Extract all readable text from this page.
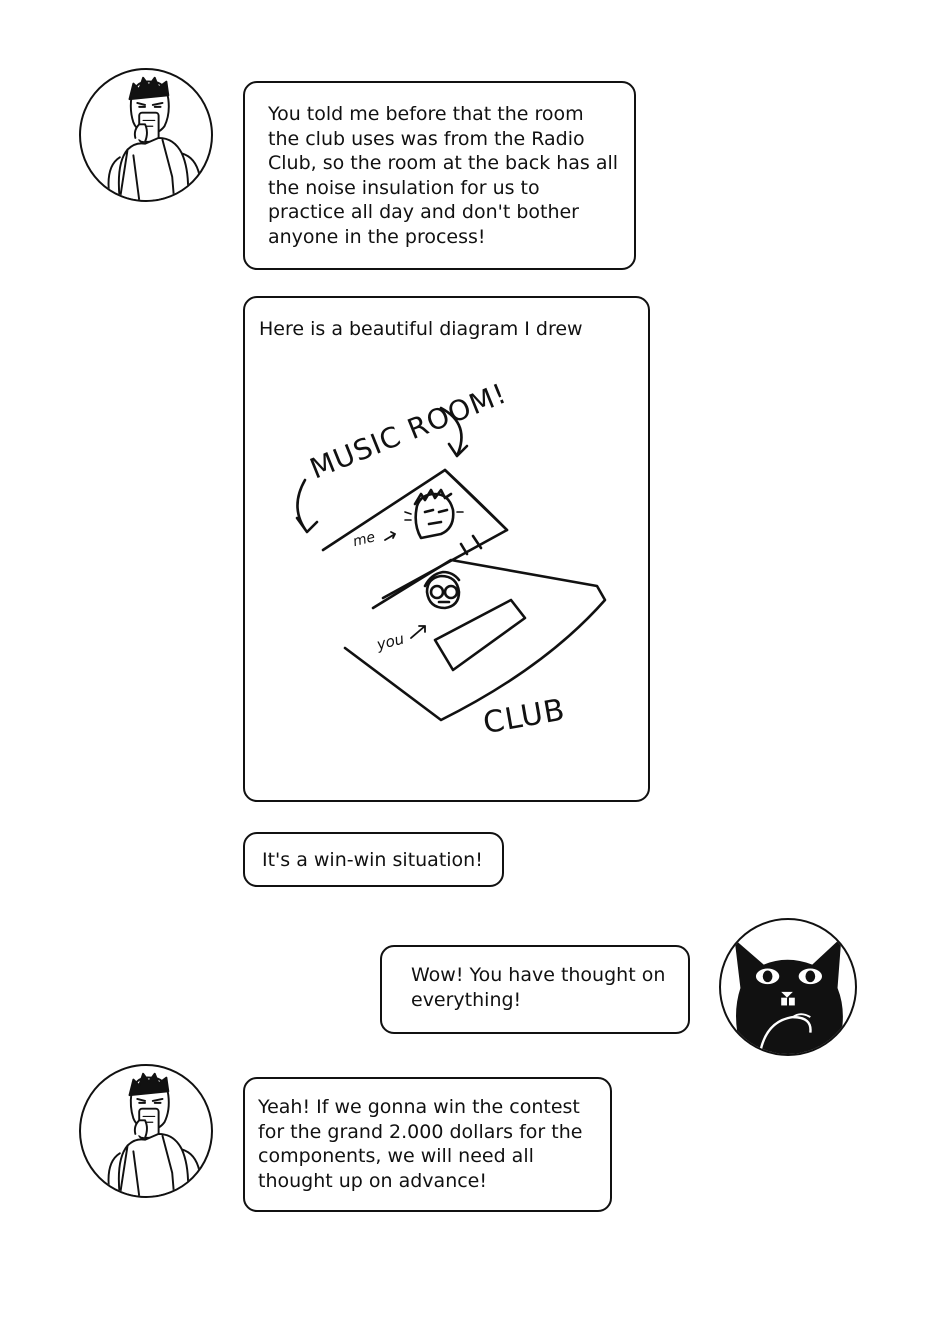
You told me before that the room the club uses was from the Radio Club, so the room at the back has all the noise insulation for us to practice all day and don't bother anyone in the process!
Here is a beautiful diagram I drew
MUSIC ROOM!
me
you
CLUB
It's a win-win situation!
Wow! You have thought on everything!
Yeah! If we gonna win the contest for the grand 2.000 dollars for the components, we will need all thought up on advance!
